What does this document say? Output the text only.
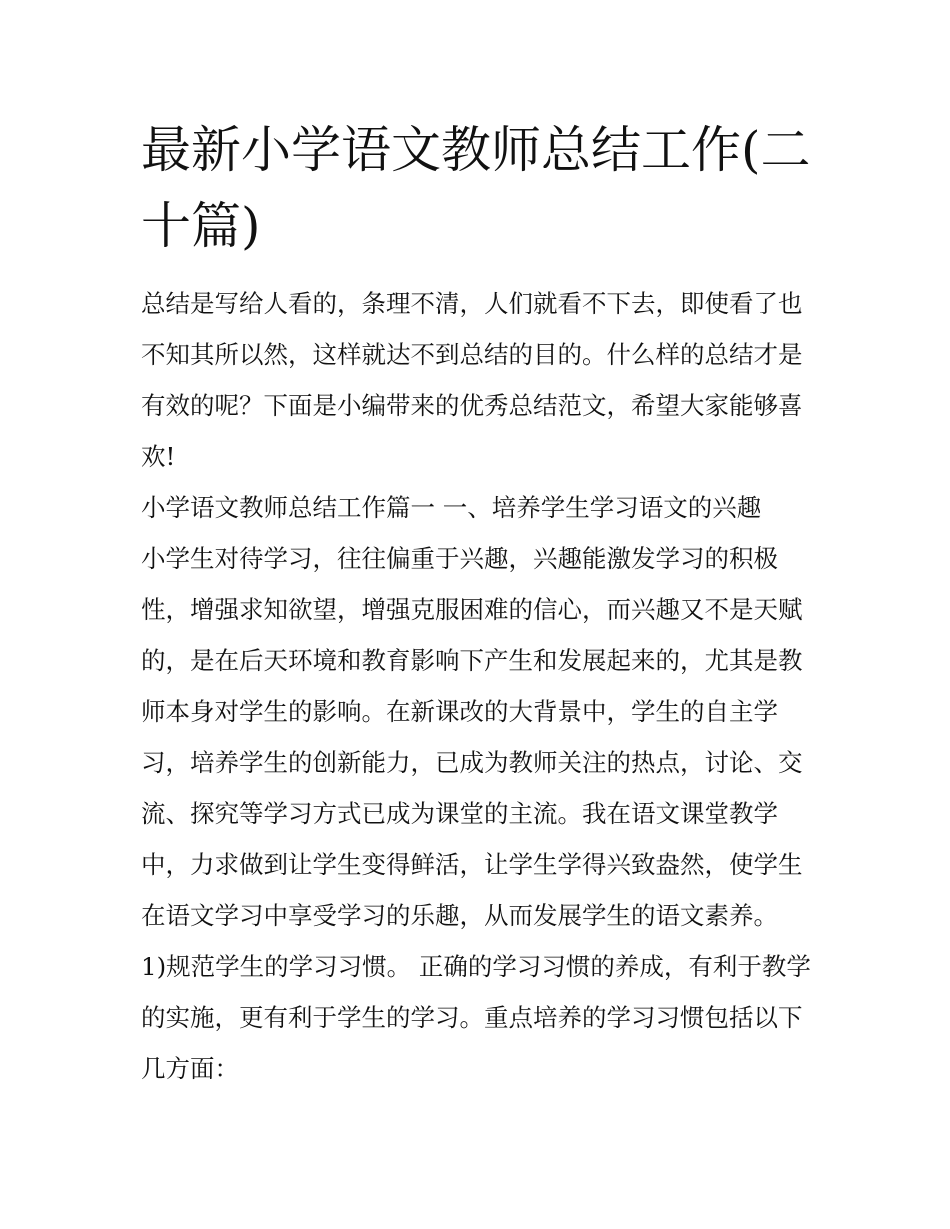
最新小学语文教师总结工作(二十篇)

总结是写给人看的，条理不清，人们就看不下去，即使看了也不知其所以然，这样就达不到总结的目的。什么样的总结才是有效的呢？下面是小编带来的优秀总结范文，希望大家能够喜欢!

小学语文教师总结工作篇一 一、培养学生学习语文的兴趣

小学生对待学习，往往偏重于兴趣，兴趣能激发学习的积极性，增强求知欲望，增强克服困难的信心，而兴趣又不是天赋的，是在后天环境和教育影响下产生和发展起来的，尤其是教师本身对学生的影响。在新课改的大背景中，学生的自主学习，培养学生的创新能力，已成为教师关注的热点，讨论、交流、探究等学习方式已成为课堂的主流。我在语文课堂教学中，力求做到让学生变得鲜活，让学生学得兴致盎然，使学生在语文学习中享受学习的乐趣，从而发展学生的语文素养。

1)规范学生的学习习惯。 正确的学习习惯的养成，有利于教学的实施，更有利于学生的学习。重点培养的学习习惯包括以下几方面：
